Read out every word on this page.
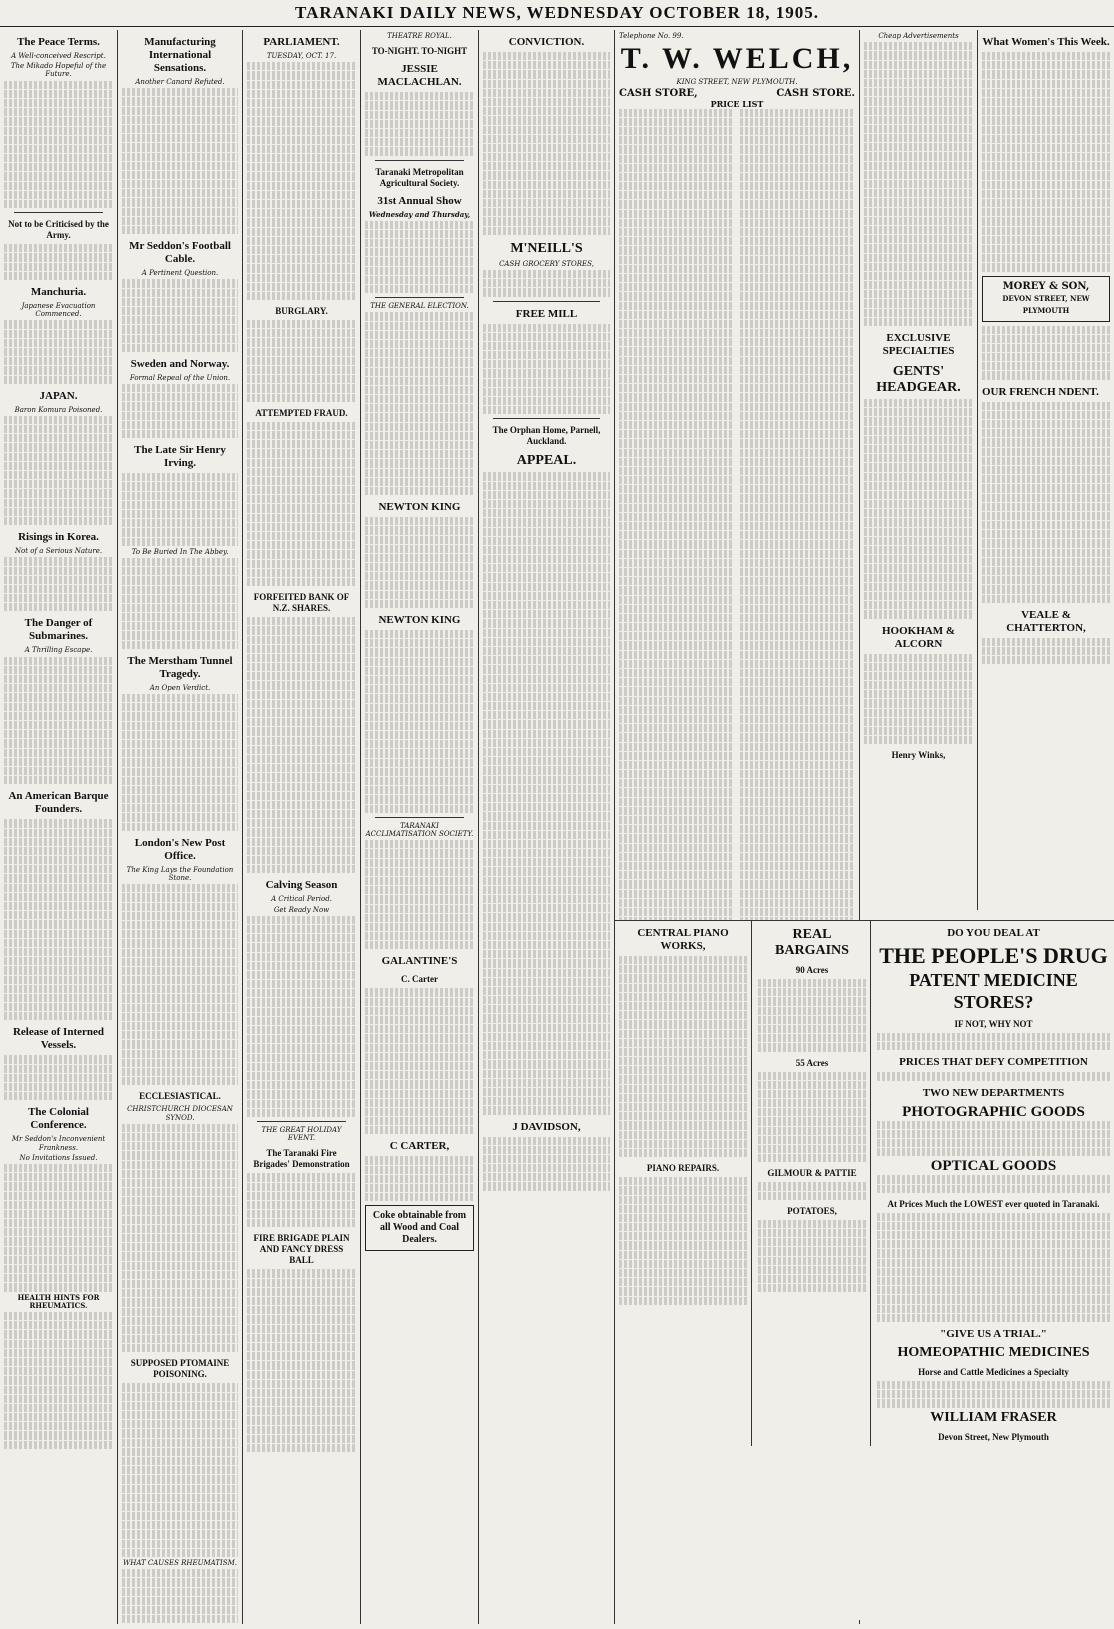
TARANAKI DAILY NEWS, WEDNESDAY OCTOBER 18, 1905.
The Peace Terms.
A Well-conceived Rescript.
The Mikado Hopeful of the Future.
Not to be Criticised by the Army.
Manchuria.
Japanese Evacuation Commenced.
JAPAN.
Baron Komura Poisoned.
Risings in Korea.
Not of a Serious Nature.
The Danger of Submarines.
A Thrilling Escape.
An American Barque Founders.
Release of Interned Vessels.
The Colonial Conference.
Mr Seddon's Inconvenient Frankness.
No Invitations Issued.
HEALTH HINTS FOR RHEUMATICS.
Manufacturing International Sensations.
Another Canard Refuted.
Mr Seddon's Football Cable.
A Pertinent Question.
Sweden and Norway.
Formal Repeal of the Union.
The Late Sir Henry Irving.
To Be Buried In The Abbey.
The Merstham Tunnel Tragedy.
An Open Verdict.
London's New Post Office.
The King Lays the Foundation Stone.
ECCLESIASTICAL.
CHRISTCHURCH DIOCESAN SYNOD.
SUPPOSED PTOMAINE POISONING.
WHAT CAUSES RHEUMATISM.
PARLIAMENT.
TUESDAY, OCT. 17.
BURGLARY.
ATTEMPTED FRAUD.
FORFEITED BANK OF N.Z. SHARES.
Calving Season
A Critical Period.
Get Ready Now
THE GREAT HOLIDAY EVENT.
The Taranaki Fire Brigades' Demonstration
FIRE BRIGADE PLAIN AND FANCY DRESS BALL
THEATRE ROYAL.
TO-NIGHT. TO-NIGHT
JESSIE MACLACHLAN.
Taranaki Metropolitan Agricultural Society.
31st Annual Show
Wednesday and Thursday,
THE GENERAL ELECTION.
NEWTON KING
NEWTON KING
TARANAKI ACCLIMATISATION SOCIETY.
GALANTINE'S
C. Carter
C CARTER,
Coke obtainable from all Wood and Coal Dealers.
CONVICTION.
M'NEILL'S
CASH GROCERY STORES,
FREE MILL
The Orphan Home, Parnell, Auckland.
APPEAL.
J DAVIDSON,
Telephone No. 99.
T. W. WELCH,
KING STREET, NEW PLYMOUTH.
CASH STORE,	CASH STORE.
PRICE LIST
CENTRAL PIANO WORKS,
PIANO REPAIRS.
REAL BARGAINS
90 Acres
55 Acres
GILMOUR & PATTIE
POTATOES,
DO YOU DEAL AT
THE PEOPLE'S DRUG
PATENT MEDICINE STORES?
IF NOT, WHY NOT
PRICES THAT DEFY COMPETITION
TWO NEW DEPARTMENTS
PHOTOGRAPHIC GOODS
OPTICAL GOODS
At Prices Much the LOWEST ever quoted in Taranaki.
"GIVE US A TRIAL."
HOMEOPATHIC MEDICINES
Horse and Cattle Medicines a Specialty
WILLIAM FRASER
Devon Street, New Plymouth
Cheap Advertisements
EXCLUSIVE SPECIALTIES
GENTS' HEADGEAR.
HOOKHAM & ALCORN
Henry Winks,
What Women's This Week.
MOREY & SON,
DEVON STREET, NEW PLYMOUTH
OUR FRENCH NDENT.
VEALE & CHATTERTON,
